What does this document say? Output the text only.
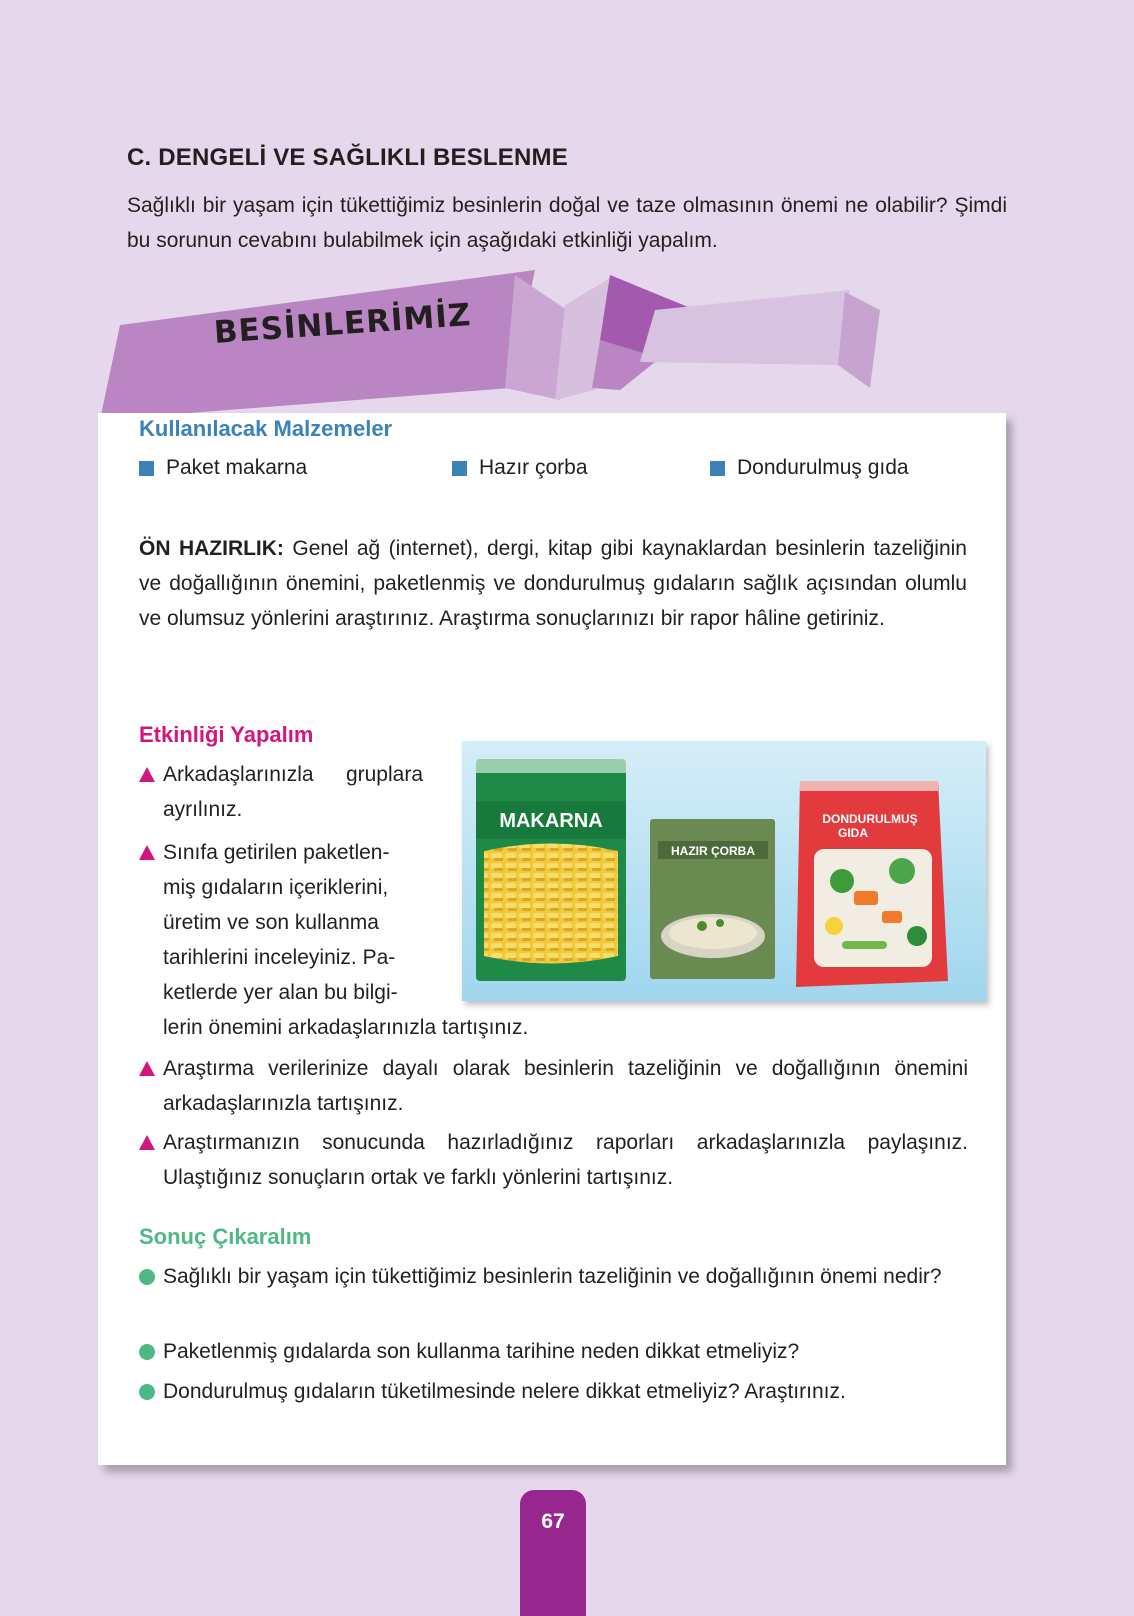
C. DENGELİ VE SAĞLIKLI BESLENME

Sağlıklı bir yaşam için tükettiğimiz besinlerin doğal ve taze olmasının önemi ne olabilir? Şimdi bu sorunun cevabını bulabilmek için aşağıdaki etkinliği yapalım.

BESİNLERİMİZ
Kullanılacak Malzemeler
Paket makarna	Hazır çorba	Dondurulmuş gıda

ÖN HAZIRLIK: Genel ağ (internet), dergi, kitap gibi kaynaklardan besinlerin tazeliğinin ve doğallığının önemini, paketlenmiş ve dondurulmuş gıdaların sağlık açısından olumlu ve olumsuz yönlerini araştırınız. Araştırma sonuçlarınızı bir rapor hâline getiriniz.

Etkinliği Yapalım

Arkadaşlarınızla gruplara ayrılınız.

Sınıfa getirilen paketlen-
miş gıdaların içeriklerini,
üretim ve son kullanma
tarihlerini inceleyiniz. Pa-
ketlerde yer alan bu bilgi-
lerin önemini arkadaşlarınızla tartışınız.

Araştırma verilerinize dayalı olarak besinlerin tazeliğinin ve doğallığının önemini arkadaşlarınızla tartışınız.

Araştırmanızın sonucunda hazırladığınız raporları arkadaşlarınızla paylaşınız. Ulaştığınız sonuçların ortak ve farklı yönlerini tartışınız.

MAKARNA
HAZIR ÇORBA
DONDURULMUŞ
GIDA
Sonuç Çıkaralım

Sağlıklı bir yaşam için tükettiğimiz besinlerin tazeliğinin ve doğallığının önemi nedir?

Paketlenmiş gıdalarda son kullanma tarihine neden dikkat etmeliyiz?

Dondurulmuş gıdaların tüketilmesinde nelere dikkat etmeliyiz? Araştırınız.

67
